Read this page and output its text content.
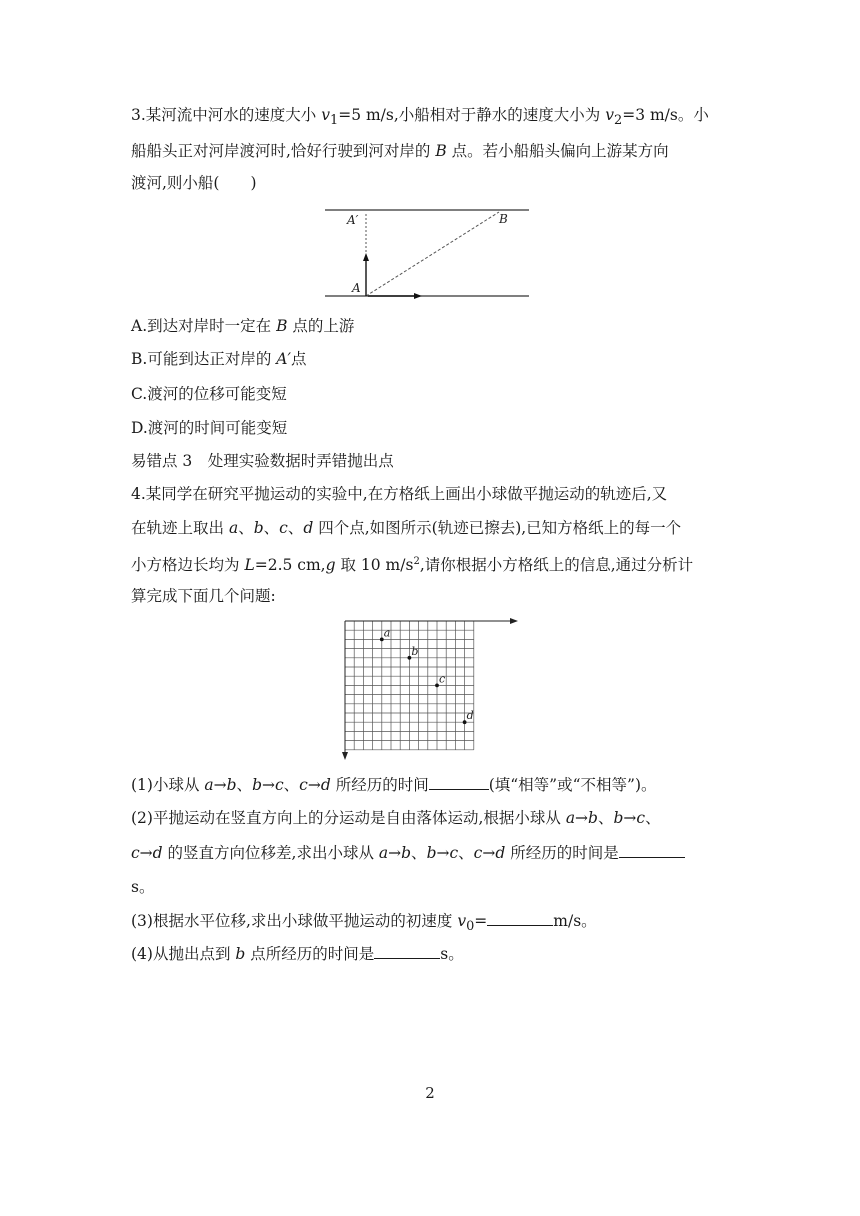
3.某河流中河水的速度大小 $v_1=5$ m/s,小船相对于静水的速度大小为 $v_2=3$ m/s。小
船船头正对河岸渡河时,恰好行驶到河对岸的 B 点。若小船船头偏向上游某方向
渡河,则小船(　　)
A′	B
A
A.到达对岸时一定在 B 点的上游
B.可能到达正对岸的 A′点
C.渡河的位移可能变短
D.渡河的时间可能变短
易错点 3　处理实验数据时弄错抛出点
4.某同学在研究平抛运动的实验中,在方格纸上画出小球做平抛运动的轨迹后,又
在轨迹上取出 a、b、c、d 四个点,如图所示(轨迹已擦去),已知方格纸上的每一个
小方格边长均为 L=2.5 cm,g 取 10 $m/s^2$,请你根据小方格纸上的信息,通过分析计
算完成下面几个问题:
a
b
c
d
(1)小球从 a→b、b→c、c→d 所经历的时间	(填“相等”或“不相等”)。
(2)平抛运动在竖直方向上的分运动是自由落体运动,根据小球从 a→b、b→c、
c→d 的竖直方向位移差,求出小球从 a→b、b→c、c→d 所经历的时间是
s。
(3)根据水平位移,求出小球做平抛运动的初速度 $v_0=$	m/s。
(4)从抛出点到 b 点所经历的时间是	s。
2
